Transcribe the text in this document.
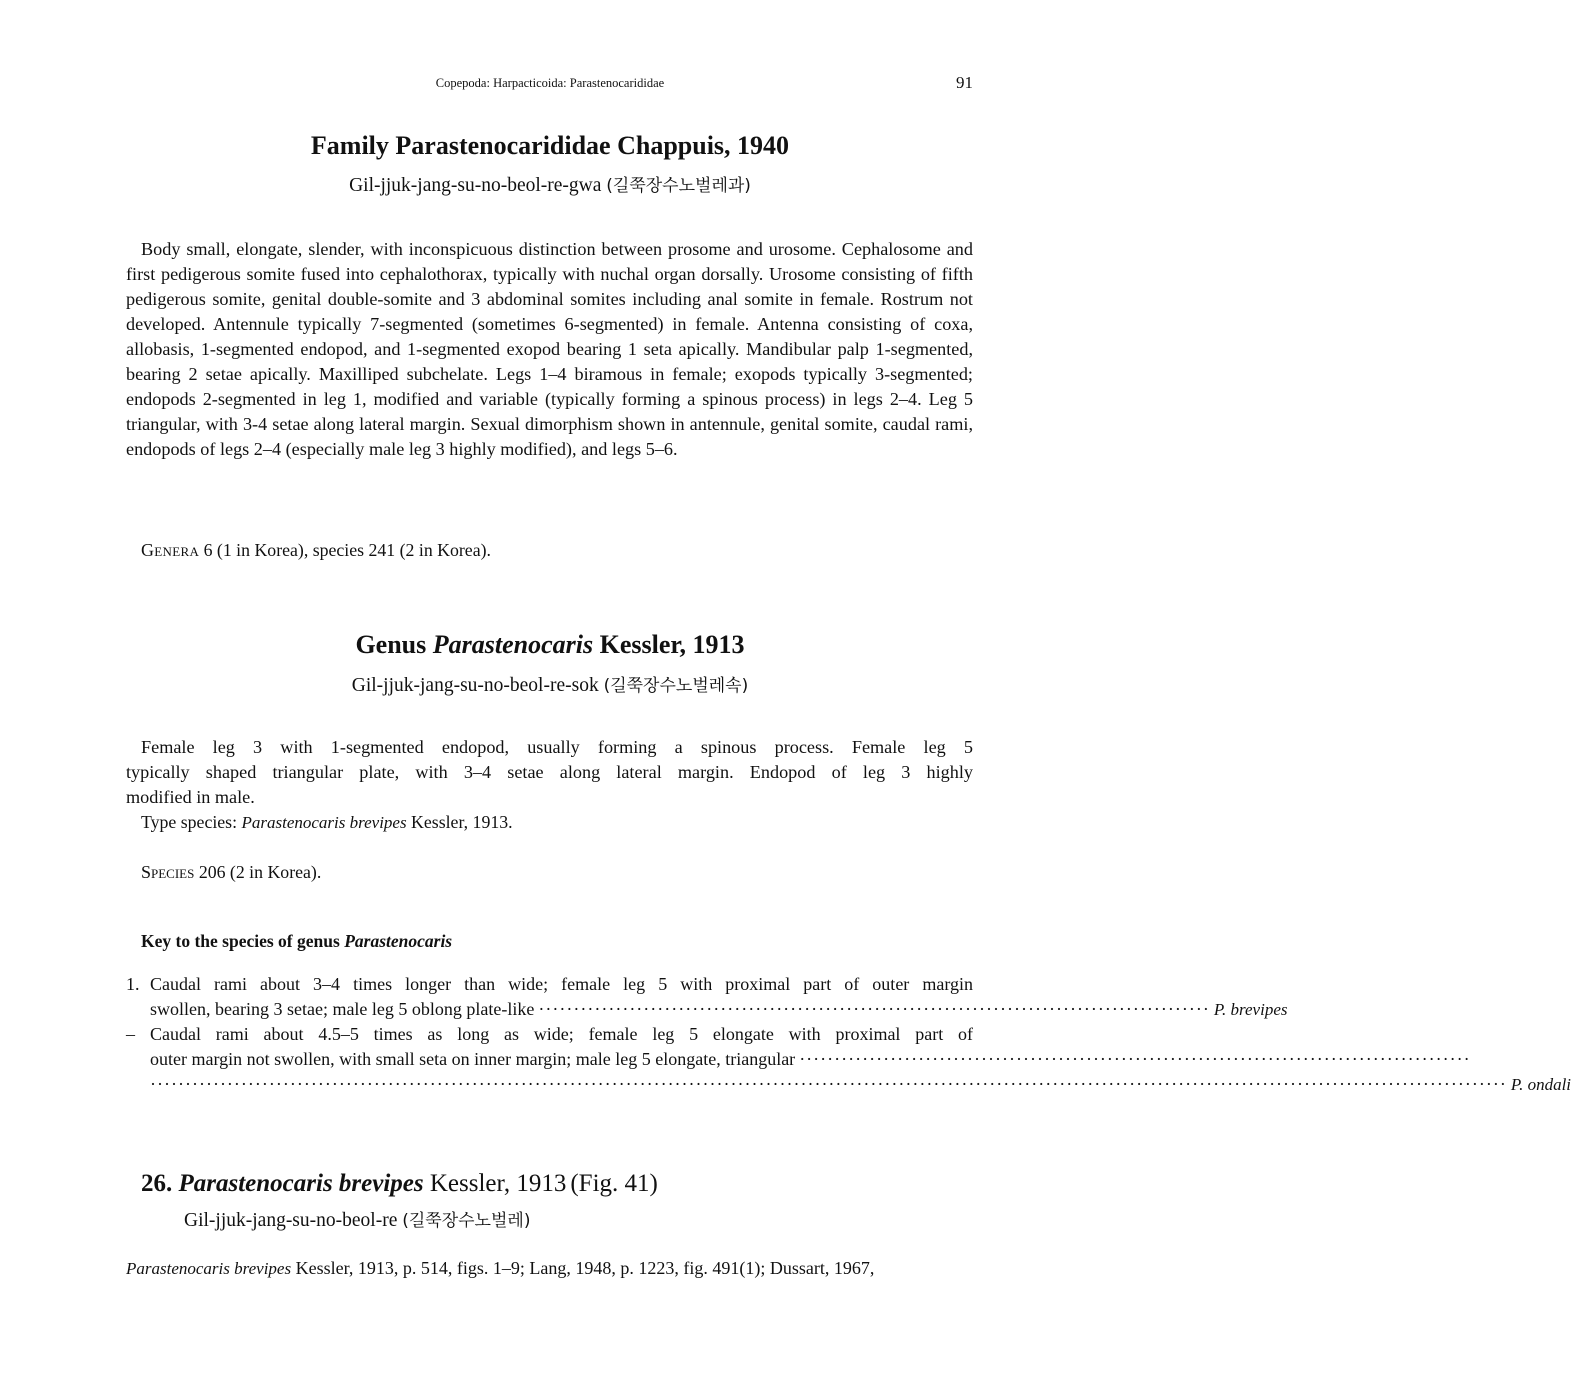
Copepoda: Harpacticoida: Parastenocarididae	91
Family Parastenocarididae Chappuis, 1940
Gil-jjuk-jang-su-no-beol-re-gwa (길쭉장수노벌레과)
Body small, elongate, slender, with inconspicuous distinction between prosome and urosome. Cephalosome and first pedigerous somite fused into cephalothorax, typically with nuchal organ dorsally. Urosome consisting of fifth pedigerous somite, genital double-somite and 3 abdominal somites including anal somite in female. Rostrum not developed. Antennule typically 7-segmented (sometimes 6-segmented) in female. Antenna consisting of coxa, allobasis, 1-segmented endopod, and 1-segmented exopod bearing 1 seta apically. Mandibular palp 1-segmented, bearing 2 setae apically. Maxilliped subchelate. Legs 1–4 biramous in female; exopods typically 3-segmented; endopods 2-segmented in leg 1, modified and variable (typically forming a spinous process) in legs 2–4. Leg 5 triangular, with 3-4 setae along lateral margin. Sexual dimorphism shown in antennule, genital somite, caudal rami, endopods of legs 2–4 (especially male leg 3 highly modified), and legs 5–6.
Genera 6 (1 in Korea), species 241 (2 in Korea).
Genus Parastenocaris Kessler, 1913
Gil-jjuk-jang-su-no-beol-re-sok (길쭉장수노벌레속)
Female leg 3 with 1-segmented endopod, usually forming a spinous process. Female leg 5
typically shaped triangular plate, with 3–4 setae along lateral margin. Endopod of leg 3 highly
modified in male.
Type species: Parastenocaris brevipes Kessler, 1913.
Species 206 (2 in Korea).
Key to the species of genus Parastenocaris
1. Caudal rami about 3–4 times longer than wide; female leg 5 with proximal part of outer margin
swollen, bearing 3 setae; male leg 5 oblong plate-like ································································································ P. brevipes
– Caudal rami about 4.5–5 times as long as wide; female leg 5 elongate with proximal part of
outer margin not swollen, with small seta on inner margin; male leg 5 elongate, triangular ································································································
·································································································································································································· P. ondali
26. Parastenocaris brevipes Kessler, 1913 (Fig. 41)
Gil-jjuk-jang-su-no-beol-re (길쭉장수노벌레)
Parastenocaris brevipes Kessler, 1913, p. 514, figs. 1–9; Lang, 1948, p. 1223, fig. 491(1); Dussart, 1967,
